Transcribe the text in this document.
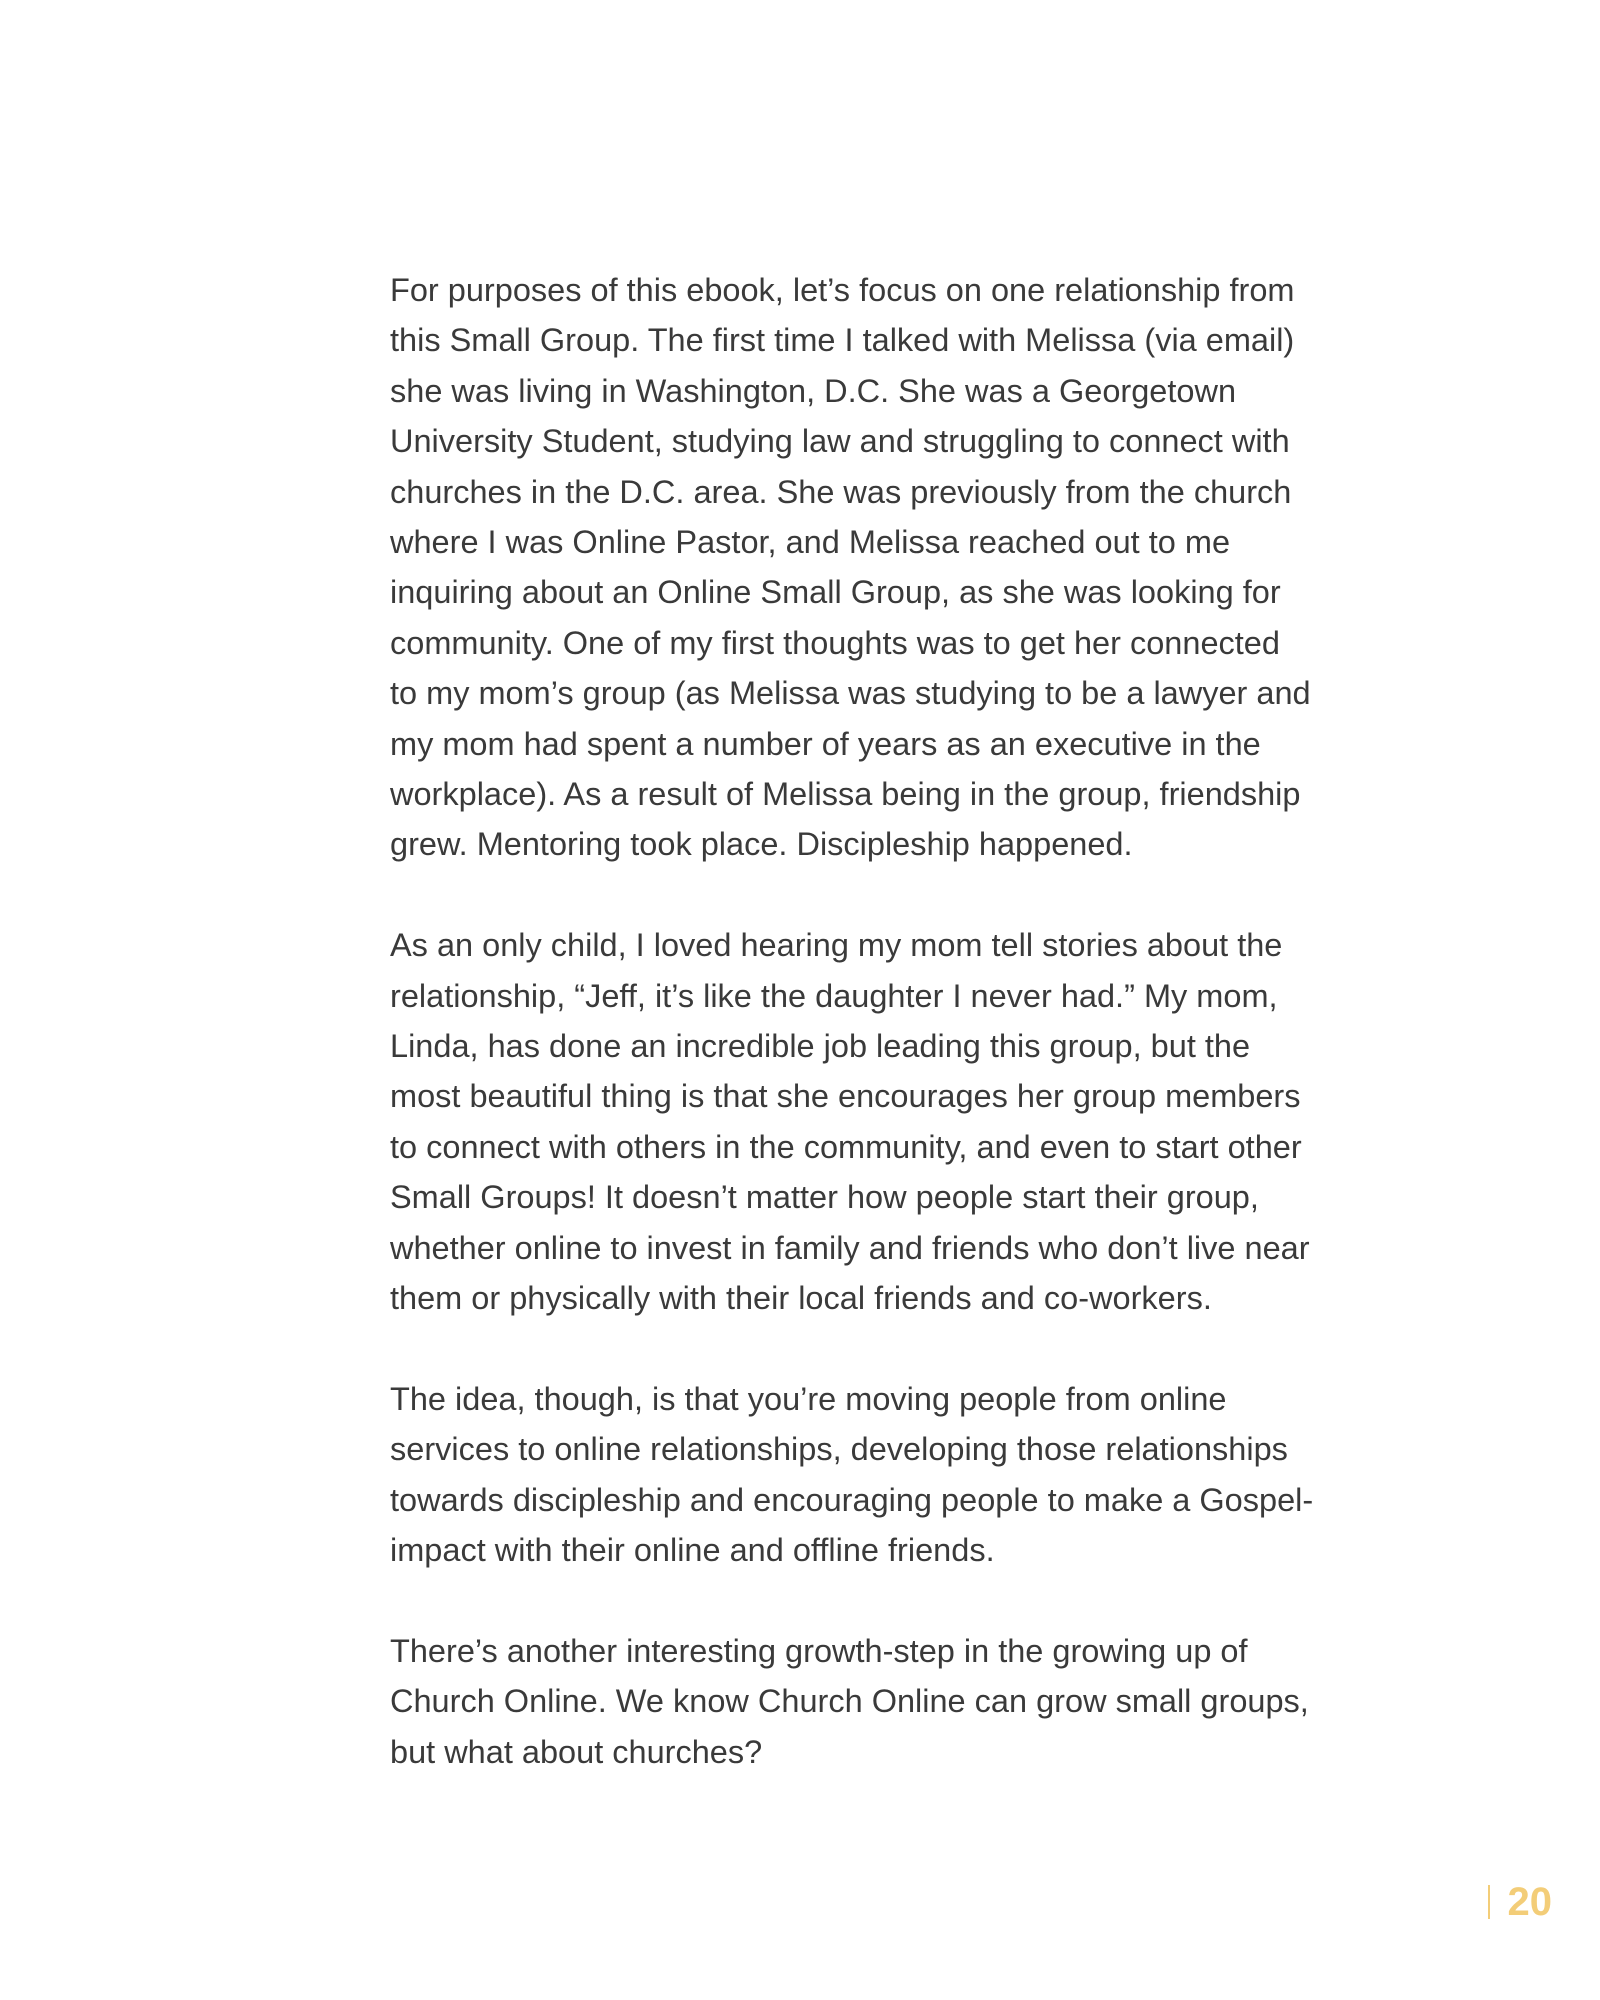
For purposes of this ebook, let’s focus on one relationship from
this Small Group. The first time I talked with Melissa (via email)
she was living in Washington, D.C. She was a Georgetown
University Student, studying law and struggling to connect with
churches in the D.C. area. She was previously from the church
where I was Online Pastor, and Melissa reached out to me
inquiring about an Online Small Group, as she was looking for
community. One of my first thoughts was to get her connected
to my mom’s group (as Melissa was studying to be a lawyer and
my mom had spent a number of years as an executive in the
workplace). As a result of Melissa being in the group, friendship
grew. Mentoring took place. Discipleship happened.

As an only child, I loved hearing my mom tell stories about the
relationship, “Jeff, it’s like the daughter I never had.” My mom,
Linda, has done an incredible job leading this group, but the
most beautiful thing is that she encourages her group members
to connect with others in the community, and even to start other
Small Groups! It doesn’t matter how people start their group,
whether online to invest in family and friends who don’t live near
them or physically with their local friends and co-workers.

The idea, though, is that you’re moving people from online
services to online relationships, developing those relationships
towards discipleship and encouraging people to make a Gospel-
impact with their online and offline friends.

There’s another interesting growth-step in the growing up of
Church Online. We know Church Online can grow small groups,
but what about churches?

20
